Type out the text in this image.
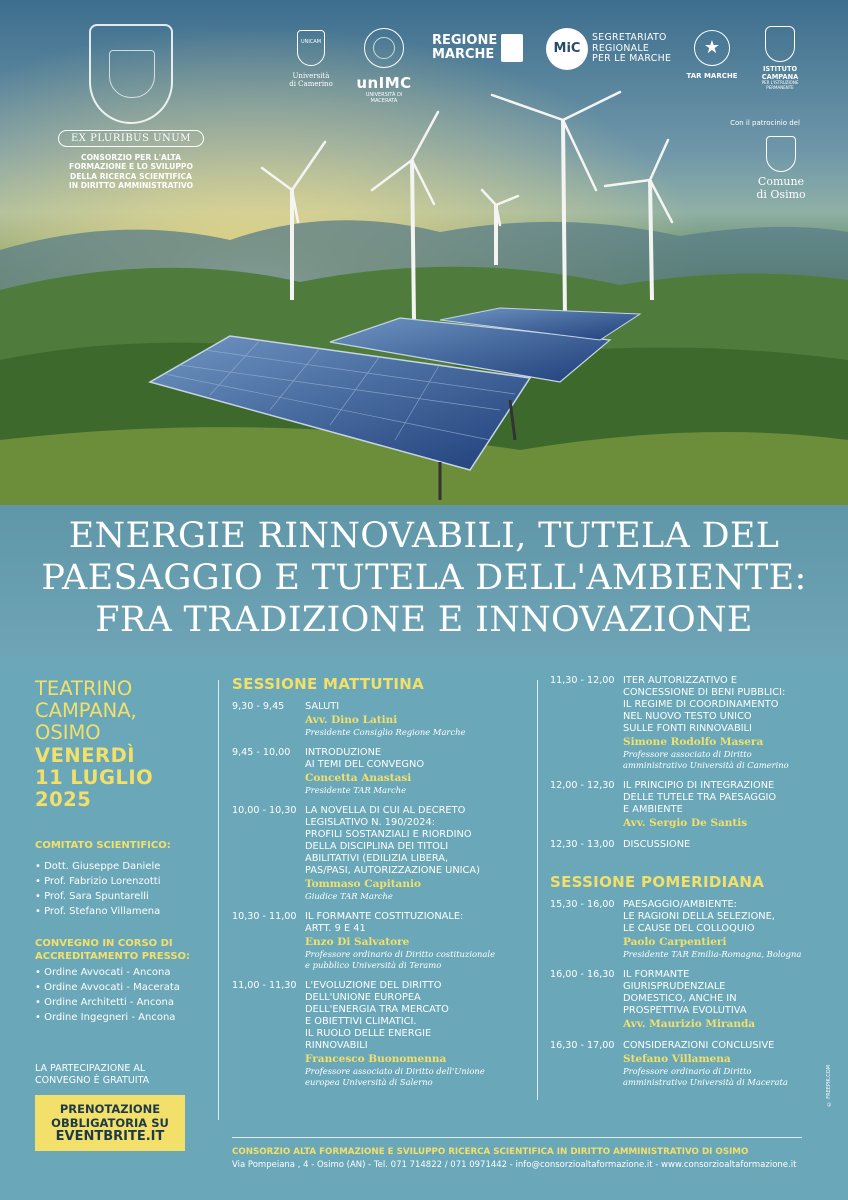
EX PLURIBUS UNUM
CONSORZIO PER L'ALTA
FORMAZIONE E LO SVILUPPO
DELLA RICERCA SCIENTIFICA
IN DIRITTO AMMINISTRATIVO
UNICAM
Università
di Camerino	unIMC
UNIVERSITÀ DI MACERATA
REGIONE
MARCHE	MiCSEGRETARIATO
REGIONALE
PER LE MARCHE
★
TAR MARCHE
ISTITUTO
CAMPANA
PER L'ISTRUZIONE
PERMANENTE
Con il patrocinio del
Comune
di Osimo
ENERGIE RINNOVABILI, TUTELA DEL
PAESAGGIO E TUTELA DELL'AMBIENTE:
FRA TRADIZIONE E INNOVAZIONE
TEATRINO
CAMPANA,
OSIMO
VENERDÌ
11 LUGLIO
2025
COMITATO SCIENTIFICO:
• Dott. Giuseppe Daniele
• Prof. Fabrizio Lorenzotti
• Prof. Sara Spuntarelli
• Prof. Stefano Villamena
CONVEGNO IN CORSO DI
ACCREDITAMENTO PRESSO:
• Ordine Avvocati - Ancona
• Ordine Avvocati - Macerata
• Ordine Architetti - Ancona
• Ordine Ingegneri - Ancona
LA PARTECIPAZIONE AL
CONVEGNO È GRATUITA
PRENOTAZIONE
OBBLIGATORIA SU
EVENTBRITE.IT
SESSIONE MATTUTINA
9,30 - 9,45	SALUTI
Avv. Dino Latini
Presidente Consiglio Regione Marche
9,45 - 10,00	INTRODUZIONE
AI TEMI DEL CONVEGNO
Concetta Anastasi
Presidente TAR Marche
10,00 - 10,30 LA NOVELLA DI CUI AL DECRETO
LEGISLATIVO N. 190/2024:
PROFILI SOSTANZIALI E RIORDINO
DELLA DISCIPLINA DEI TITOLI
ABILITATIVI (EDILIZIA LIBERA,
PAS/PASI, AUTORIZZAZIONE UNICA)
Tommaso Capitanio
Giudice TAR Marche
10,30 - 11,00 IL FORMANTE COSTITUZIONALE:
ARTT. 9 E 41
Enzo Di Salvatore
Professore ordinario di Diritto costituzionale
e pubblico Università di Teramo
11,00 - 11,30 L'EVOLUZIONE DEL DIRITTO
DELL'UNIONE EUROPEA
DELL'ENERGIA TRA MERCATO
E OBIETTIVI CLIMATICI.
IL RUOLO DELLE ENERGIE
RINNOVABILI
Francesco Buonomenna
Professore associato di Diritto dell'Unione
europea Università di Salerno
11,30 - 12,00 ITER AUTORIZZATIVO E
CONCESSIONE DI BENI PUBBLICI:
IL REGIME DI COORDINAMENTO
NEL NUOVO TESTO UNICO
SULLE FONTI RINNOVABILI
Simone Rodolfo Masera
Professore associato di Diritto
amministrativo Università di Camerino
12,00 - 12,30 IL PRINCIPIO DI INTEGRAZIONE
DELLE TUTELE TRA PAESAGGIO
E AMBIENTE
Avv. Sergio De Santis
12,30 - 13,00 DISCUSSIONE
SESSIONE POMERIDIANA
15,30 - 16,00 PAESAGGIO/AMBIENTE:
LE RAGIONI DELLA SELEZIONE,
LE CAUSE DEL COLLOQUIO
Paolo Carpentieri
Presidente TAR Emilia-Romagna, Bologna
16,00 - 16,30 IL FORMANTE
GIURISPRUDENZIALE
DOMESTICO, ANCHE IN
PROSPETTIVA EVOLUTIVA
Avv. Maurizio Miranda
16,30 - 17,00 CONSIDERAZIONI CONCLUSIVE
Stefano Villamena
Professore ordinario di Diritto
amministrativo Università di Macerata
CONSORZIO ALTA FORMAZIONE E SVILUPPO RICERCA SCIENTIFICA IN DIRITTO AMMINISTRATIVO DI OSIMO
Via Pompeiana , 4 - Osimo (AN) - Tel. 071 714822 / 071 0971442 - info@consorzioaltaformazione.it - www.consorzioaltaformazione.it
© FREEPIK.COM
